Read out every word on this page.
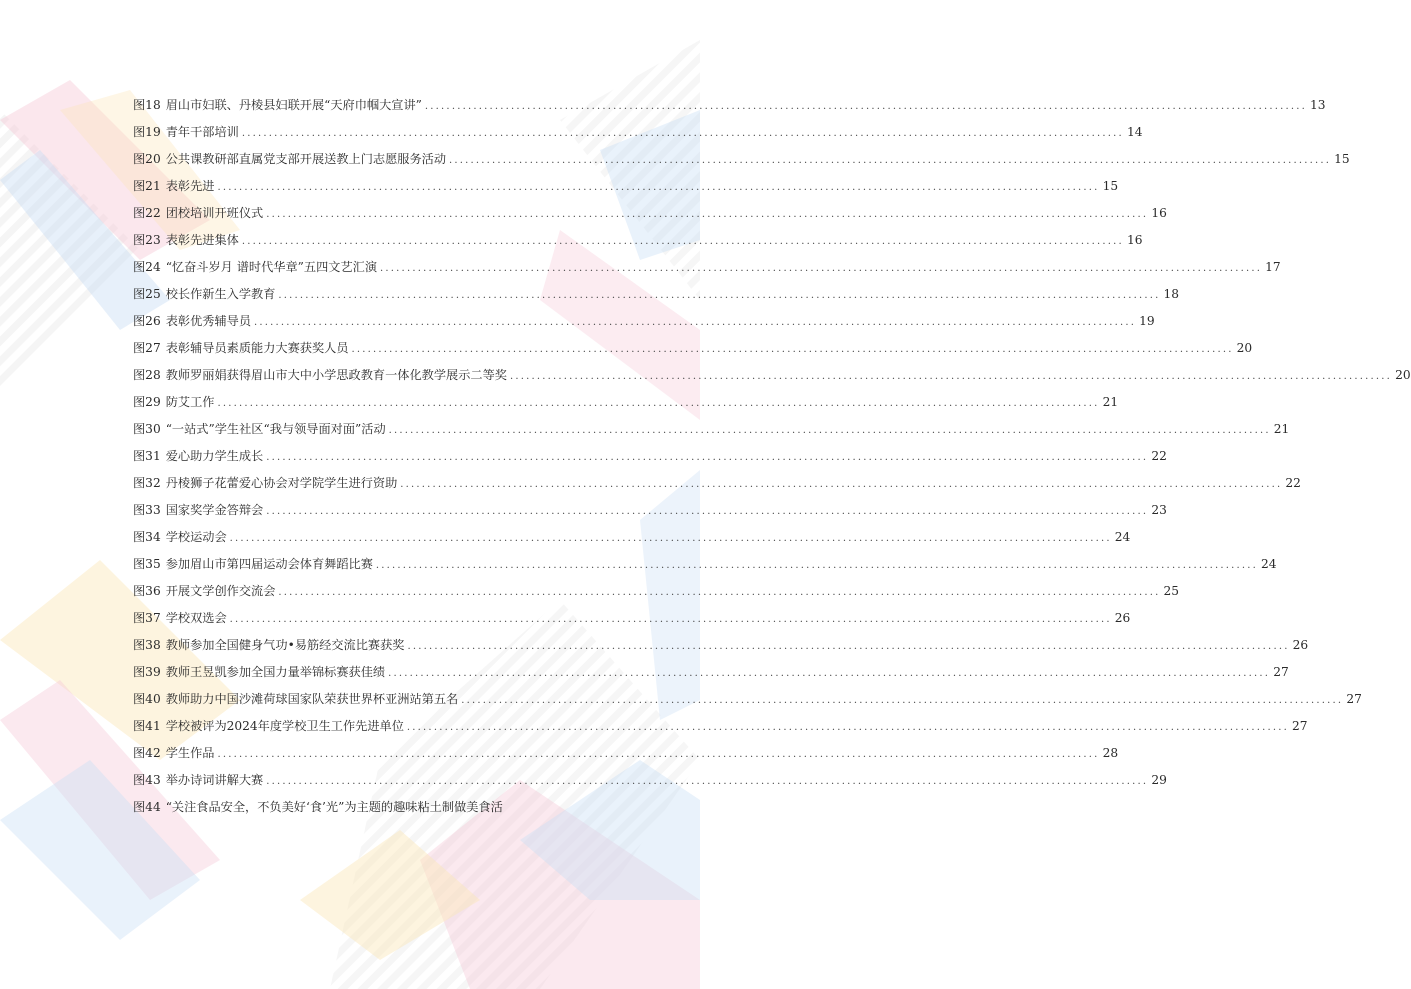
图18 眉山市妇联、丹棱县妇联开展“天府巾帼大宣讲” .....	13
图19 青年干部培训 .....	14
图20 公共课教研部直属党支部开展送教上门志愿服务活动 .....	15
图21 表彰先进 .....	15
图22 团校培训开班仪式 .....	16
图23 表彰先进集体 .....	16
图24 “忆奋斗岁月 谱时代华章”五四文艺汇演 .....	17
图25 校长作新生入学教育 .....	18
图26 表彰优秀辅导员 .....	19
图27 表彰辅导员素质能力大赛获奖人员 .....	20
图28 教师罗丽娟获得眉山市大中小学思政教育一体化教学展示二等奖 .....	20
图29 防艾工作 .....	21
图30 “一站式”学生社区“我与领导面对面”活动 .....	21
图31 爱心助力学生成长 .....	22
图32 丹棱狮子花蕾爱心协会对学院学生进行资助 .....	22
图33 国家奖学金答辩会 .....	23
图34 学校运动会 .....	24
图35 参加眉山市第四届运动会体育舞蹈比赛 .....	24
图36 开展文学创作交流会 .....	25
图37 学校双选会 .....	26
图38 教师参加全国健身气功•易筋经交流比赛获奖 .....	26
图39 教师王昱凯参加全国力量举锦标赛获佳绩 .....	27
图40 教师助力中国沙滩荷球国家队荣获世界杯亚洲站第五名 .....	27
图41 学校被评为2024年度学校卫生工作先进单位 .....	27
图42 学生作品 .....	28
图43 举办诗词讲解大赛 .....	29
图44 “关注食品安全，不负美好‘食’光”为主题的趣味粘土制做美食活
